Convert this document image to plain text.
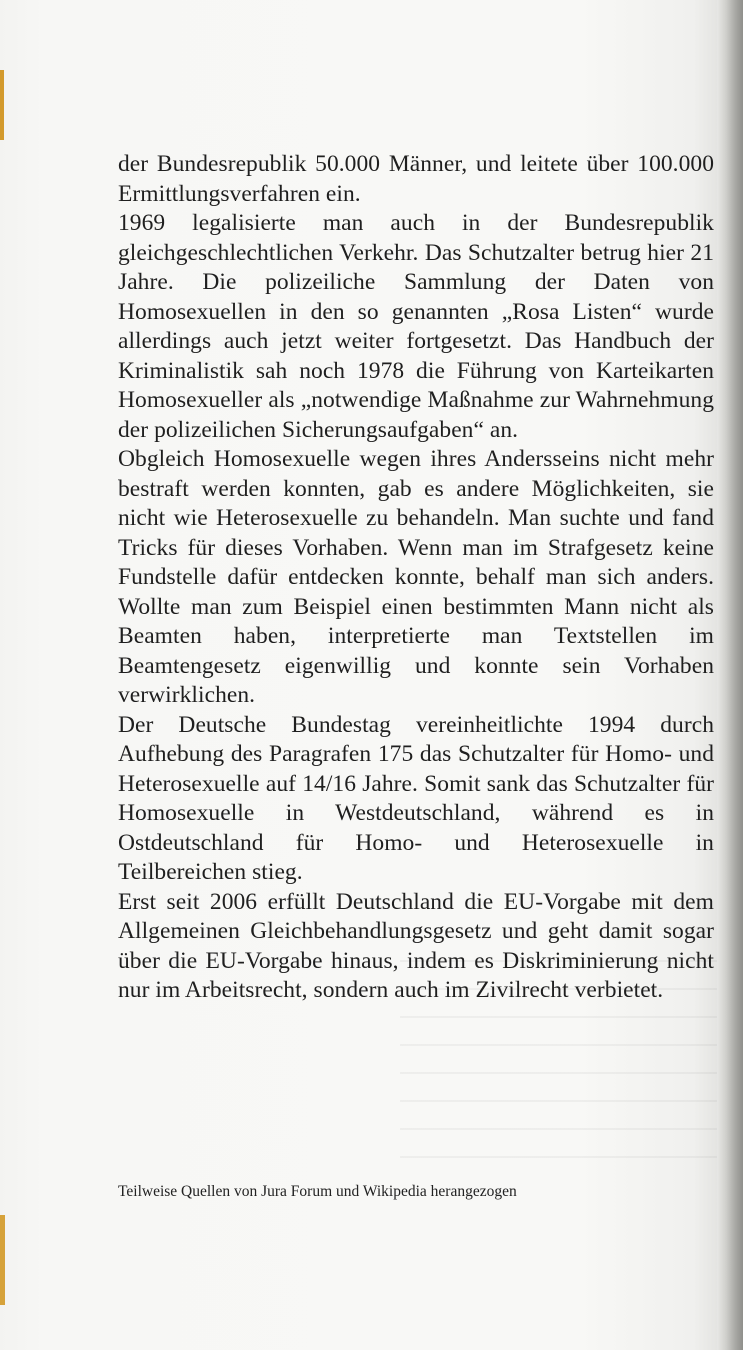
der Bundesrepublik 50.000 Männer, und leitete über 100.000 Ermittlungsverfahren ein.

1969 legalisierte man auch in der Bundesrepublik gleichgeschlechtlichen Verkehr. Das Schutzalter betrug hier 21 Jahre. Die polizeiliche Sammlung der Daten von Homosexuellen in den so genannten „Rosa Listen“ wurde allerdings auch jetzt weiter fortgesetzt. Das Handbuch der Kriminalistik sah noch 1978 die Führung von Karteikarten Homosexueller als „notwendige Maßnahme zur Wahrnehmung der polizeilichen Sicherungsaufgaben“ an.

Obgleich Homosexuelle wegen ihres Andersseins nicht mehr bestraft werden konnten, gab es andere Möglichkeiten, sie nicht wie Heterosexuelle zu behandeln. Man suchte und fand Tricks für dieses Vorhaben. Wenn man im Strafgesetz keine Fundstelle dafür entdecken konnte, behalf man sich anders. Wollte man zum Beispiel einen bestimmten Mann nicht als Beamten haben, interpretierte man Textstellen im Beamtengesetz eigenwillig und konnte sein Vorhaben verwirklichen.

Der Deutsche Bundestag vereinheitlichte 1994 durch Aufhebung des Paragrafen 175 das Schutzalter für Homo- und Heterosexuelle auf 14/16 Jahre. Somit sank das Schutzalter für Homosexuelle in Westdeutschland, während es in Ostdeutschland für Homo- und Heterosexuelle in Teilbereichen stieg.

Erst seit 2006 erfüllt Deutschland die EU-Vorgabe mit dem Allgemeinen Gleichbehandlungsgesetz und geht damit sogar über die EU-Vorgabe hinaus, indem es Diskriminierung nicht nur im Arbeitsrecht, sondern auch im Zivilrecht verbietet.

Teilweise Quellen von Jura Forum und Wikipedia herangezogen
